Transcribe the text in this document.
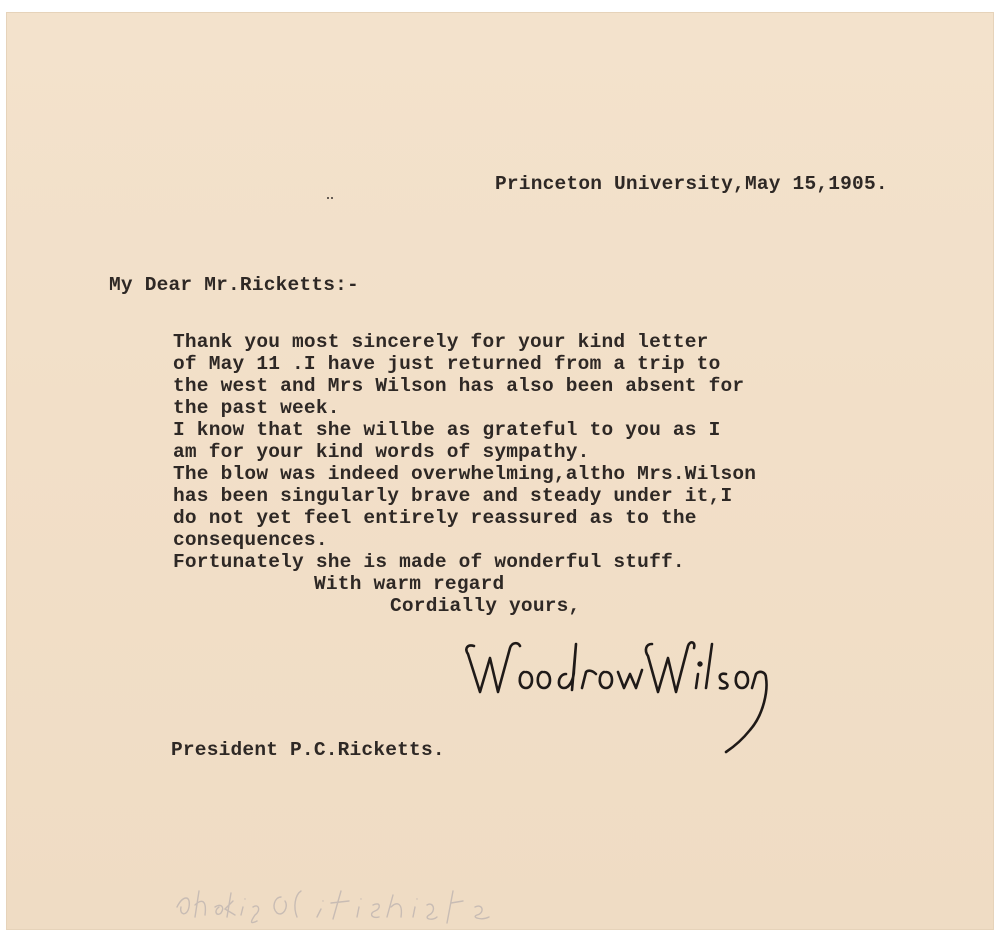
Princeton University,May 15,1905.
My Dear Mr.Ricketts:-
Thank you most sincerely for your kind letter
of May 11 .I have just returned from a trip to
the west and Mrs Wilson has also been absent for
the past week.
I know that she willbe as grateful to you as I
am for your kind words of sympathy.
The blow was indeed overwhelming,altho Mrs.Wilson
has been singularly brave and steady under it,I
do not yet feel entirely reassured as to the
consequences.
Fortunately she is made of wonderful stuff.
With warm regard
Cordially yours,
President P.C.Ricketts.
